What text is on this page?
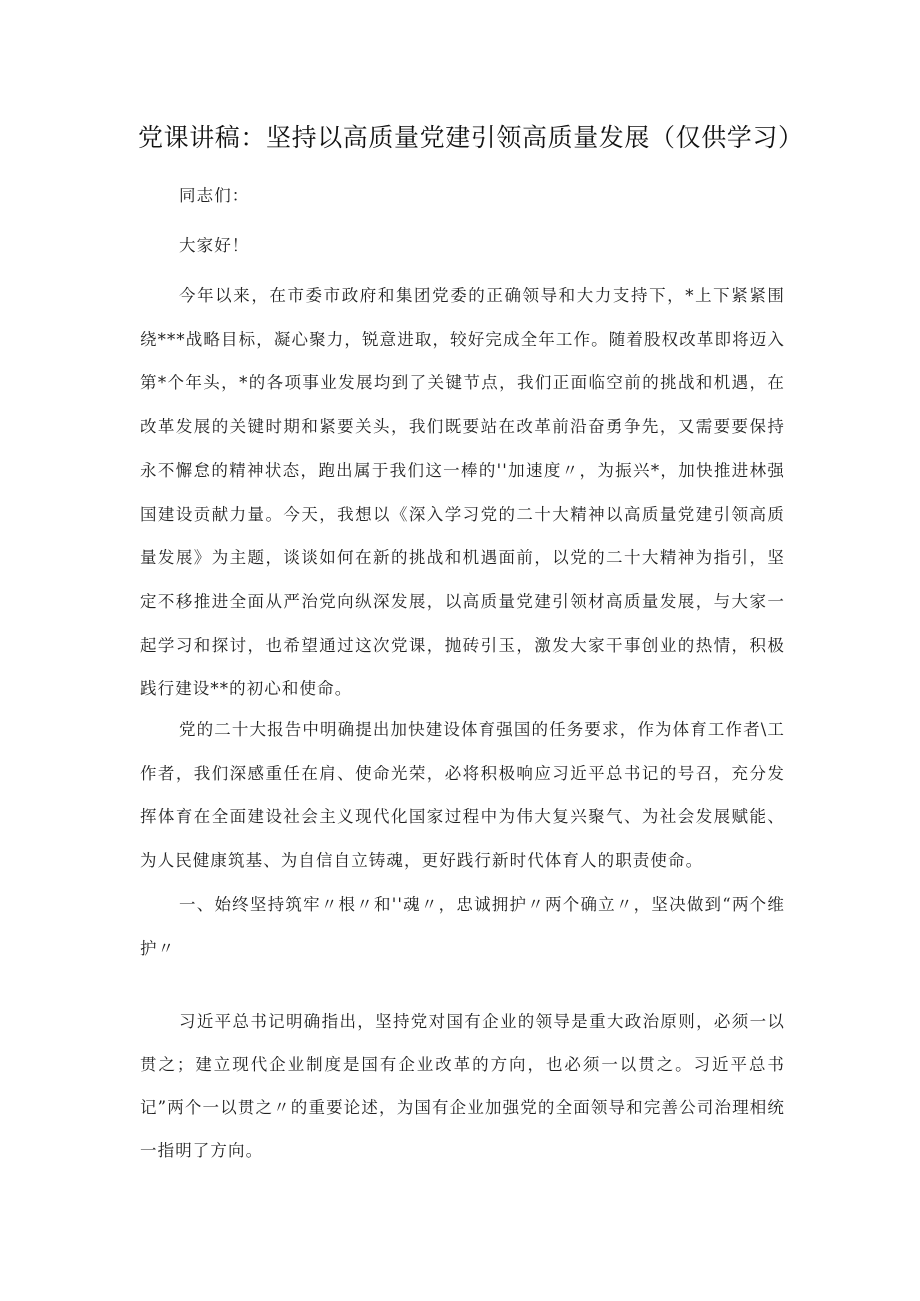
党课讲稿：坚持以高质量党建引领高质量发展（仅供学习）

同志们：

大家好！

今年以来，在市委市政府和集团党委的正确领导和大力支持下，*上下紧紧围绕***战略目标，凝心聚力，锐意进取，较好完成全年工作。随着股权改革即将迈入第*个年头，*的各项事业发展均到了关键节点，我们正面临空前的挑战和机遇，在改革发展的关键时期和紧要关头，我们既要站在改革前沿奋勇争先，又需要要保持永不懈怠的精神状态，跑出属于我们这一棒的''加速度〃，为振兴*，加快推进林强国建设贡献力量。今天，我想以《深入学习党的二十大精神以高质量党建引领高质量发展》为主题，谈谈如何在新的挑战和机遇面前，以党的二十大精神为指引，坚定不移推进全面从严治党向纵深发展，以高质量党建引领材高质量发展，与大家一起学习和探讨，也希望通过这次党课，抛砖引玉，激发大家干事创业的热情，积极践行建设**的初心和使命。

党的二十大报告中明确提出加快建设体育强国的任务要求，作为体育工作者\工作者，我们深感重任在肩、使命光荣，必将积极响应习近平总书记的号召，充分发挥体育在全面建设社会主义现代化国家过程中为伟大复兴聚气、为社会发展赋能、为人民健康筑基、为自信自立铸魂，更好践行新时代体育人的职责使命。

一、始终坚持筑牢〃根〃和''魂〃，忠诚拥护〃两个确立〃，坚决做到“两个维护〃

习近平总书记明确指出，坚持党对国有企业的领导是重大政治原则，必须一以贯之；建立现代企业制度是国有企业改革的方向，也必须一以贯之。习近平总书记”两个一以贯之〃的重要论述，为国有企业加强党的全面领导和完善公司治理相统一指明了方向。
